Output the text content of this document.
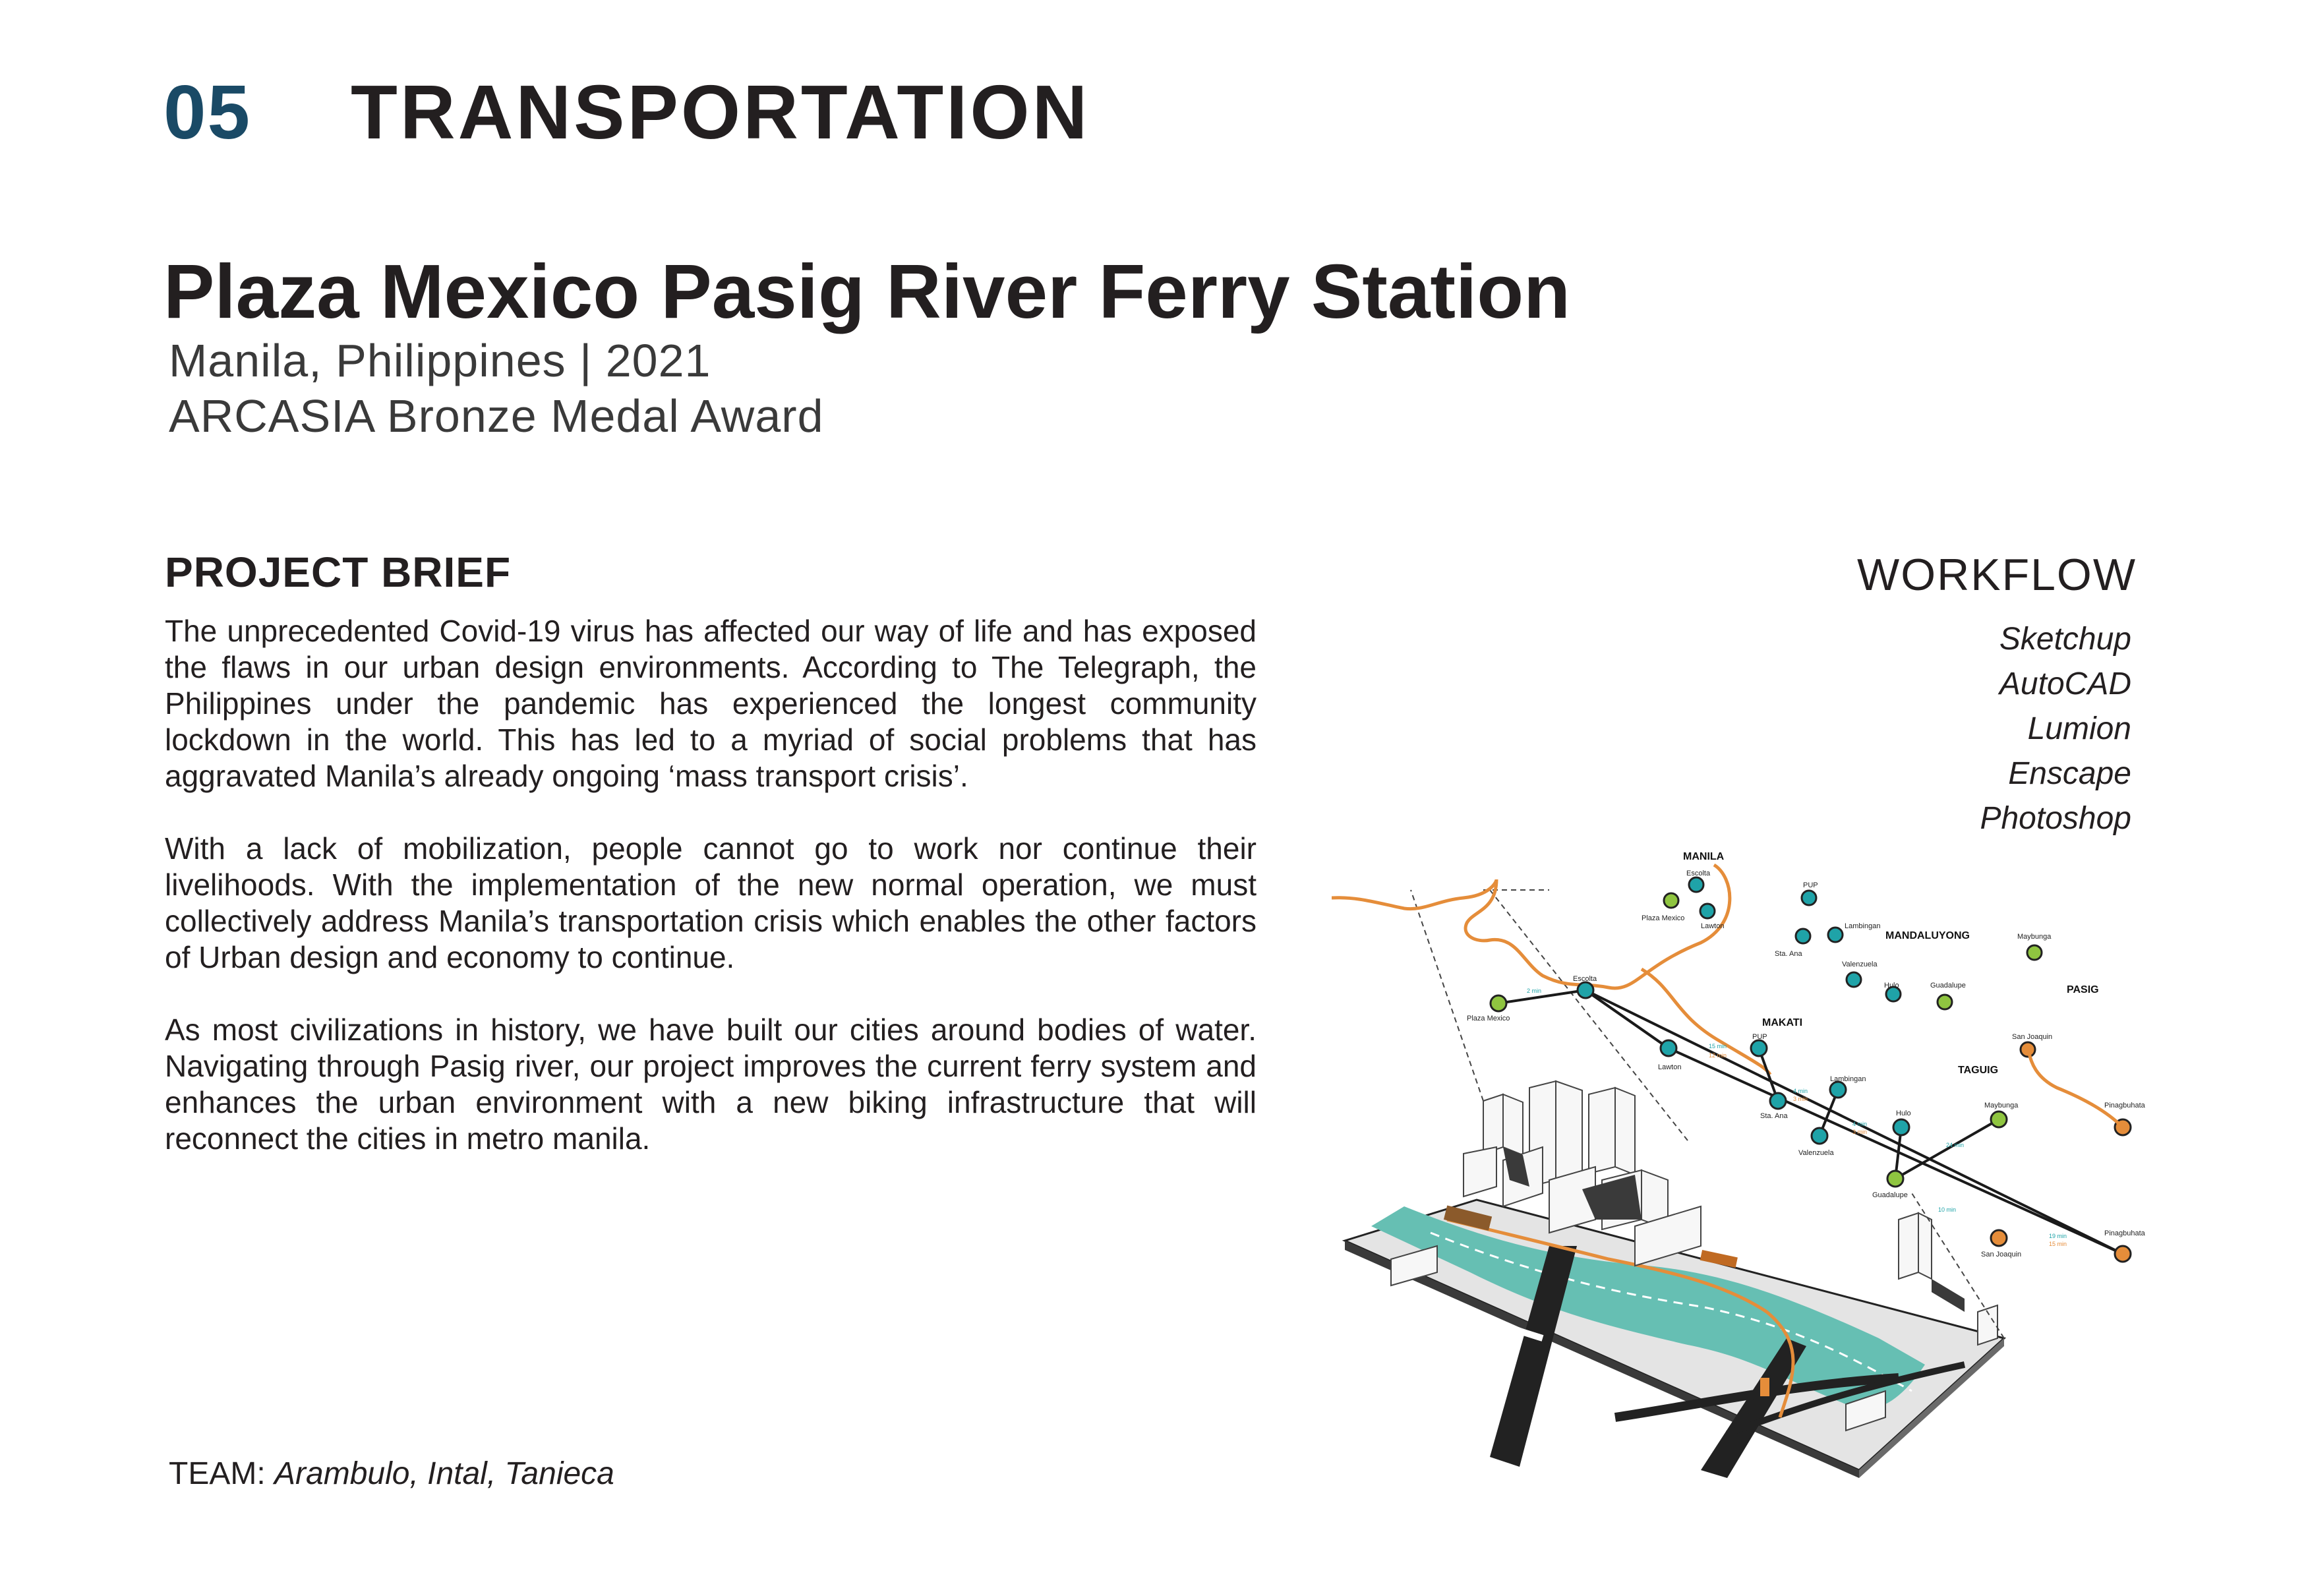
05 TRANSPORTATION
Plaza Mexico Pasig River Ferry Station
Manila, Philippines | 2021
ARCASIA Bronze Medal Award
PROJECT BRIEF

The unprecedented Covid-19 virus has affected our way of life and has exposed the flaws in our urban design environments. According to The Telegraph, the Philippines under the pandemic has experienced the longest community lockdown in the world. This has led to a myriad of social problems that has aggravated Manila’s already ongoing ‘mass transport crisis’.

With a lack of mobilization, people cannot go to work nor continue their livelihoods. With the implementation of the new normal operation, we must collectively address Manila’s transportation crisis which enables the other factors of Urban design and economy to continue.

As most civilizations in history, we have built our cities around bodies of water. Navigating through Pasig river, our project improves the current ferry system and enhances the urban environment with a new biking infrastructure that will reconnect the cities in metro manila.

WORKFLOW
Sketchup
AutoCAD
Lumion
Enscape
Photoshop
TEAM: Arambulo, Intal, Tanieca
MANILA
MANDALUYONG
MAKATI
PASIG
TAGUIG
Plaza Mexico
Escolta
Lawton
PUP
Lambingan
Sta. Ana
Valenzuela
Hulo	Guadalupe
Maybunga
San Joaquin
Escolta
Plaza Mexico
Lawton
PUP
Lambingan
Sta. Ana
Valenzuela
Hulo
Guadalupe
Maybunga
San Joaquin
Pinagbuhata
Pinagbuhata
2 min
15 min
4 min
4 min
24 min
10 min
19 min
12 min
3 min
3 min
15 min
